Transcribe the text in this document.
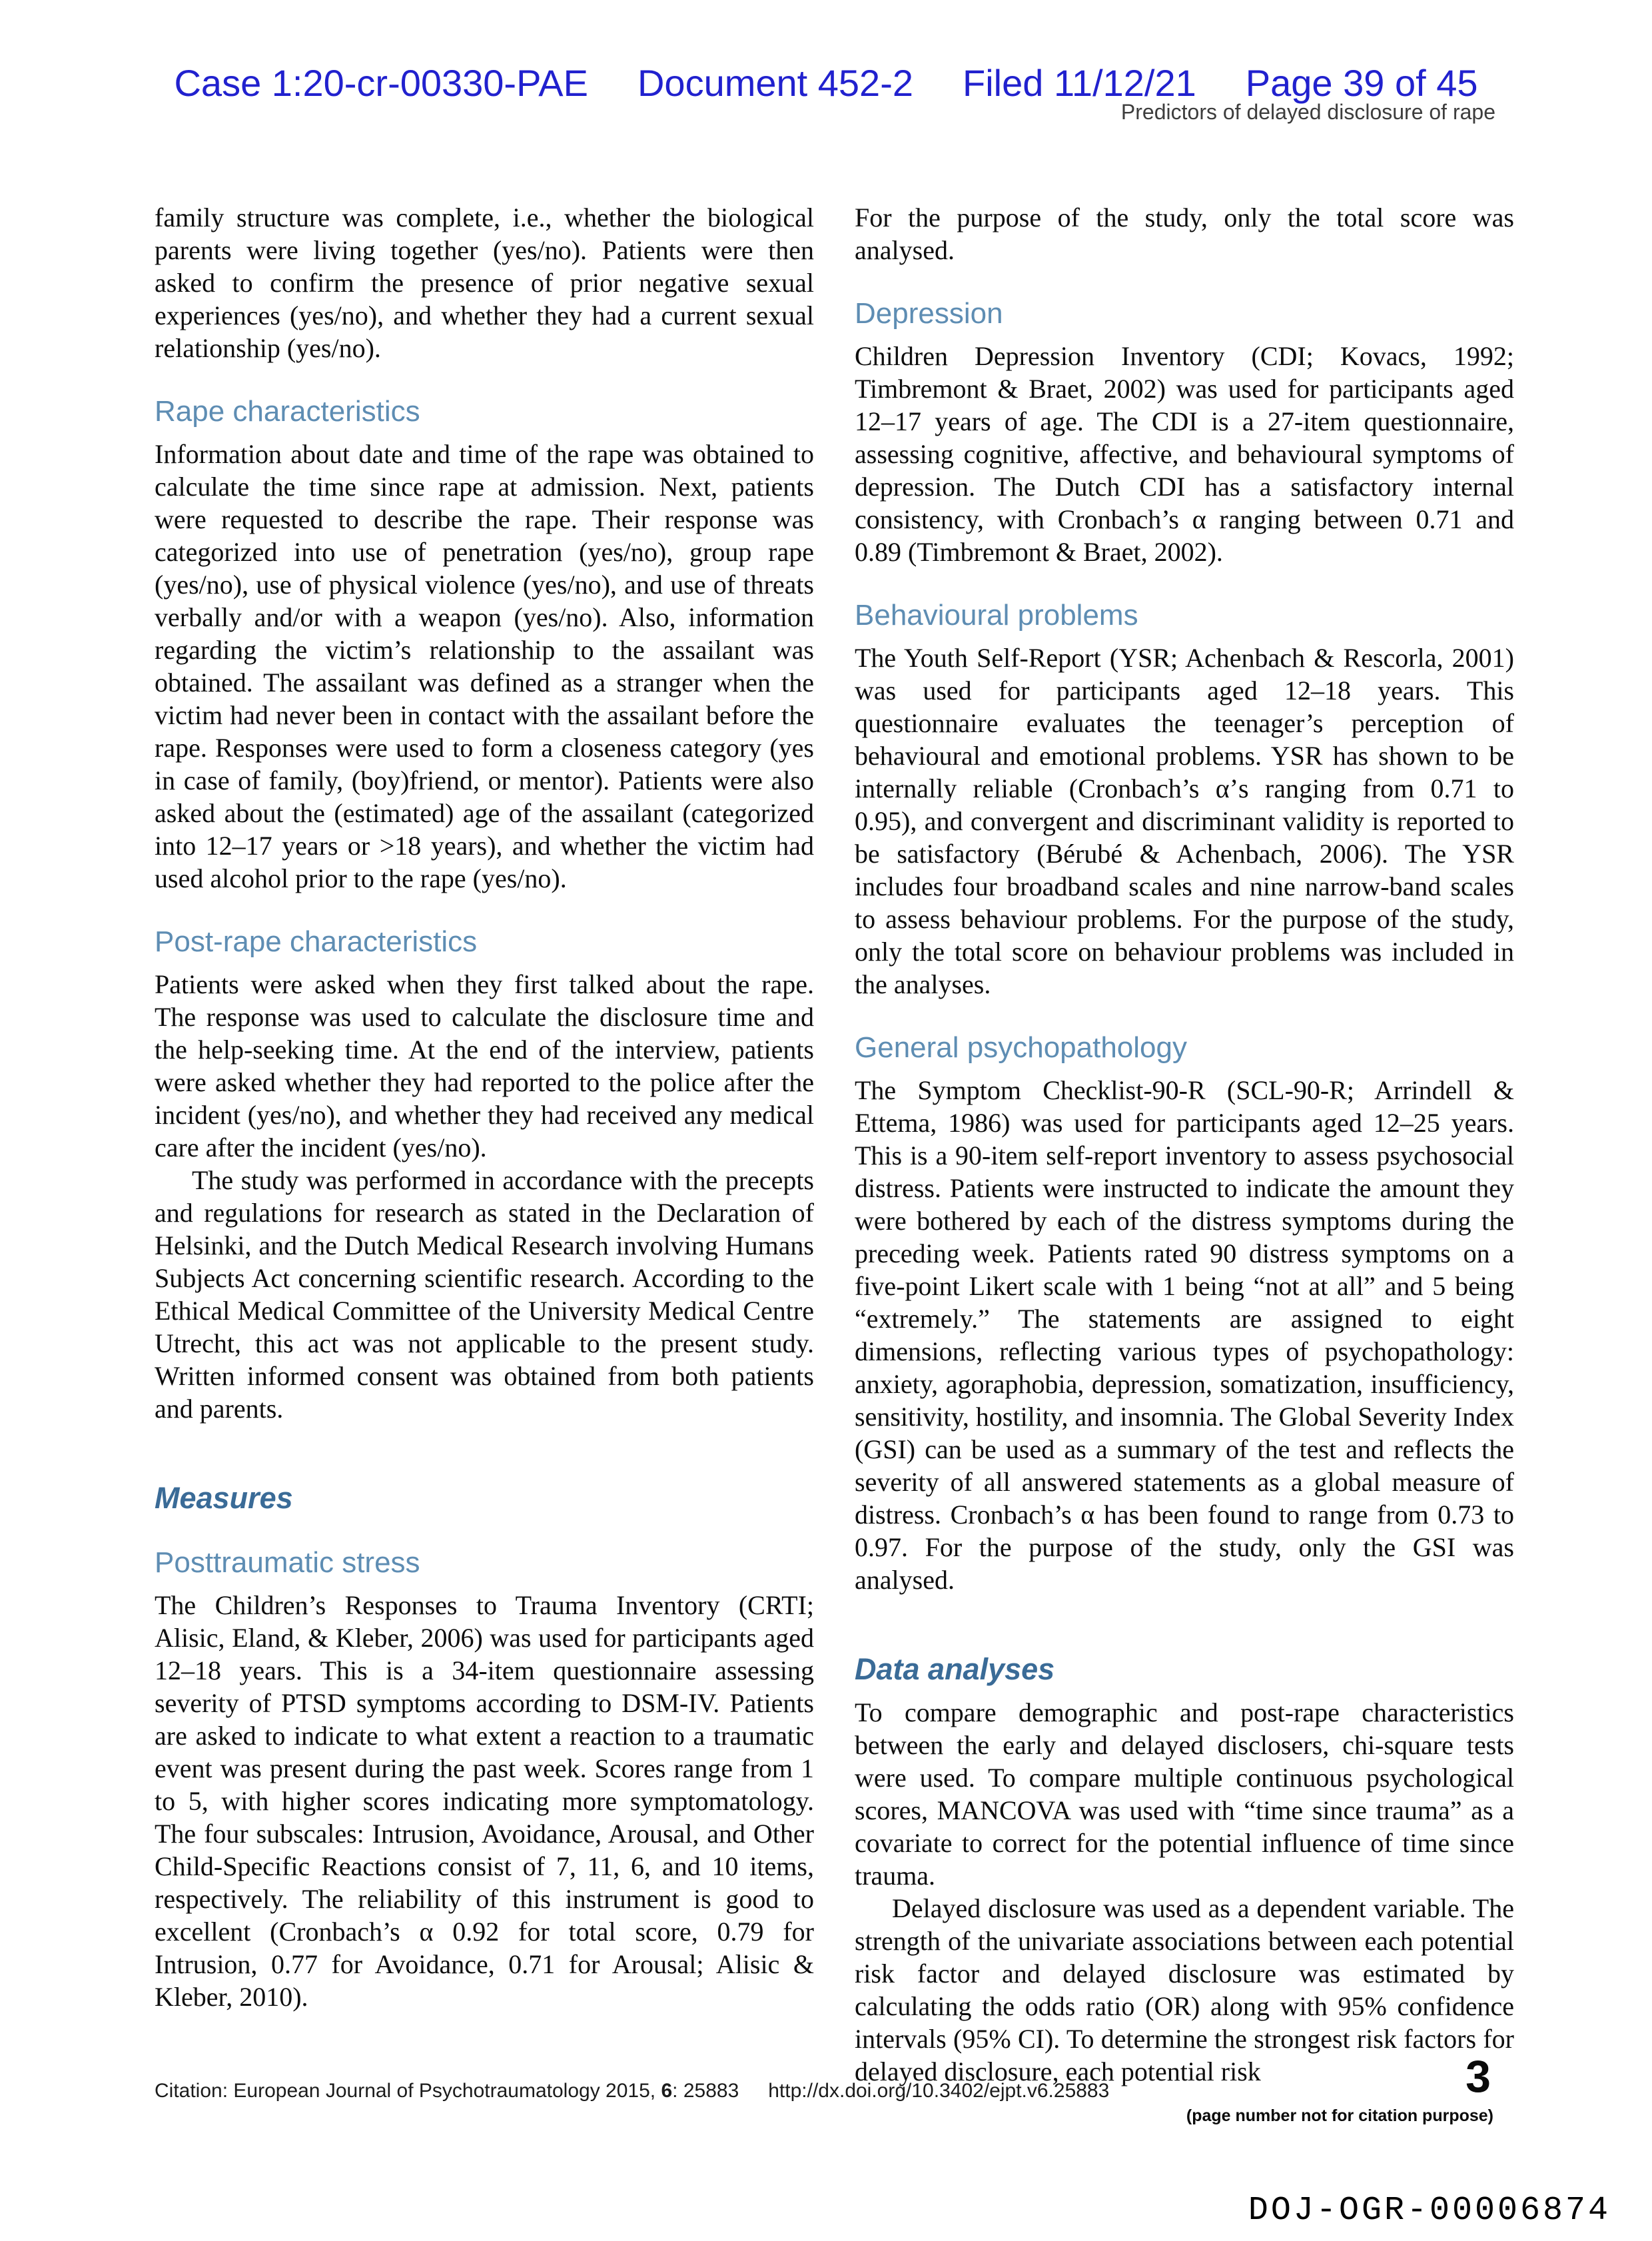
Case 1:20-cr-00330-PAE Document 452-2 Filed 11/12/21 Page 39 of 45
Predictors of delayed disclosure of rape

family structure was complete, i.e., whether the biological parents were living together (yes/no). Patients were then asked to confirm the presence of prior negative sexual experiences (yes/no), and whether they had a current sexual relationship (yes/no).

Rape characteristics

Information about date and time of the rape was obtained to calculate the time since rape at admission. Next, patients were requested to describe the rape. Their response was categorized into use of penetration (yes/no), group rape (yes/no), use of physical violence (yes/no), and use of threats verbally and/or with a weapon (yes/no). Also, information regarding the victim’s relationship to the assailant was obtained. The assailant was defined as a stranger when the victim had never been in contact with the assailant before the rape. Responses were used to form a closeness category (yes in case of family, (boy)friend, or mentor). Patients were also asked about the (estimated) age of the assailant (categorized into 12–17 years or >18 years), and whether the victim had used alcohol prior to the rape (yes/no).

Post-rape characteristics

Patients were asked when they first talked about the rape. The response was used to calculate the disclosure time and the help-seeking time. At the end of the interview, patients were asked whether they had reported to the police after the incident (yes/no), and whether they had received any medical care after the incident (yes/no).

The study was performed in accordance with the precepts and regulations for research as stated in the Declaration of Helsinki, and the Dutch Medical Research involving Humans Subjects Act concerning scientific research. According to the Ethical Medical Committee of the University Medical Centre Utrecht, this act was not applicable to the present study. Written informed consent was obtained from both patients and parents.

Measures
Posttraumatic stress

The Children’s Responses to Trauma Inventory (CRTI; Alisic, Eland, & Kleber, 2006) was used for participants aged 12–18 years. This is a 34-item questionnaire assessing severity of PTSD symptoms according to DSM-IV. Patients are asked to indicate to what extent a reaction to a traumatic event was present during the past week. Scores range from 1 to 5, with higher scores indicating more symptomatology. The four subscales: Intrusion, Avoidance, Arousal, and Other Child-Specific Reactions consist of 7, 11, 6, and 10 items, respectively. The reliability of this instrument is good to excellent (Cronbach’s α 0.92 for total score, 0.79 for Intrusion, 0.77 for Avoidance, 0.71 for Arousal; Alisic & Kleber, 2010).

For the purpose of the study, only the total score was analysed.

Depression

Children Depression Inventory (CDI; Kovacs, 1992; Timbremont & Braet, 2002) was used for participants aged 12–17 years of age. The CDI is a 27-item questionnaire, assessing cognitive, affective, and behavioural symptoms of depression. The Dutch CDI has a satisfactory internal consistency, with Cronbach’s α ranging between 0.71 and 0.89 (Timbremont & Braet, 2002).

Behavioural problems

The Youth Self-Report (YSR; Achenbach & Rescorla, 2001) was used for participants aged 12–18 years. This questionnaire evaluates the teenager’s perception of behavioural and emotional problems. YSR has shown to be internally reliable (Cronbach’s α’s ranging from 0.71 to 0.95), and convergent and discriminant validity is reported to be satisfactory (Bérubé & Achenbach, 2006). The YSR includes four broadband scales and nine narrow-band scales to assess behaviour problems. For the purpose of the study, only the total score on behaviour problems was included in the analyses.

General psychopathology

The Symptom Checklist-90-R (SCL-90-R; Arrindell & Ettema, 1986) was used for participants aged 12–25 years. This is a 90-item self-report inventory to assess psychosocial distress. Patients were instructed to indicate the amount they were bothered by each of the distress symptoms during the preceding week. Patients rated 90 distress symptoms on a five-point Likert scale with 1 being “not at all” and 5 being “extremely.” The statements are assigned to eight dimensions, reflecting various types of psychopathology: anxiety, agoraphobia, depression, somatization, insufficiency, sensitivity, hostility, and insomnia. The Global Severity Index (GSI) can be used as a summary of the test and reflects the severity of all answered statements as a global measure of distress. Cronbach’s α has been found to range from 0.73 to 0.97. For the purpose of the study, only the GSI was analysed.

Data analyses

To compare demographic and post-rape characteristics between the early and delayed disclosers, chi-square tests were used. To compare multiple continuous psychological scores, MANCOVA was used with “time since trauma” as a covariate to correct for the potential influence of time since trauma.

Delayed disclosure was used as a dependent variable. The strength of the univariate associations between each potential risk factor and delayed disclosure was estimated by calculating the odds ratio (OR) along with 95% confidence intervals (95% CI). To determine the strongest risk factors for delayed disclosure, each potential risk

Citation: European Journal of Psychotraumatology 2015, 6: 25883 http://dx.doi.org/10.3402/ejpt.v6.25883	3
(page number not for citation purpose)
DOJ-OGR-00006874
